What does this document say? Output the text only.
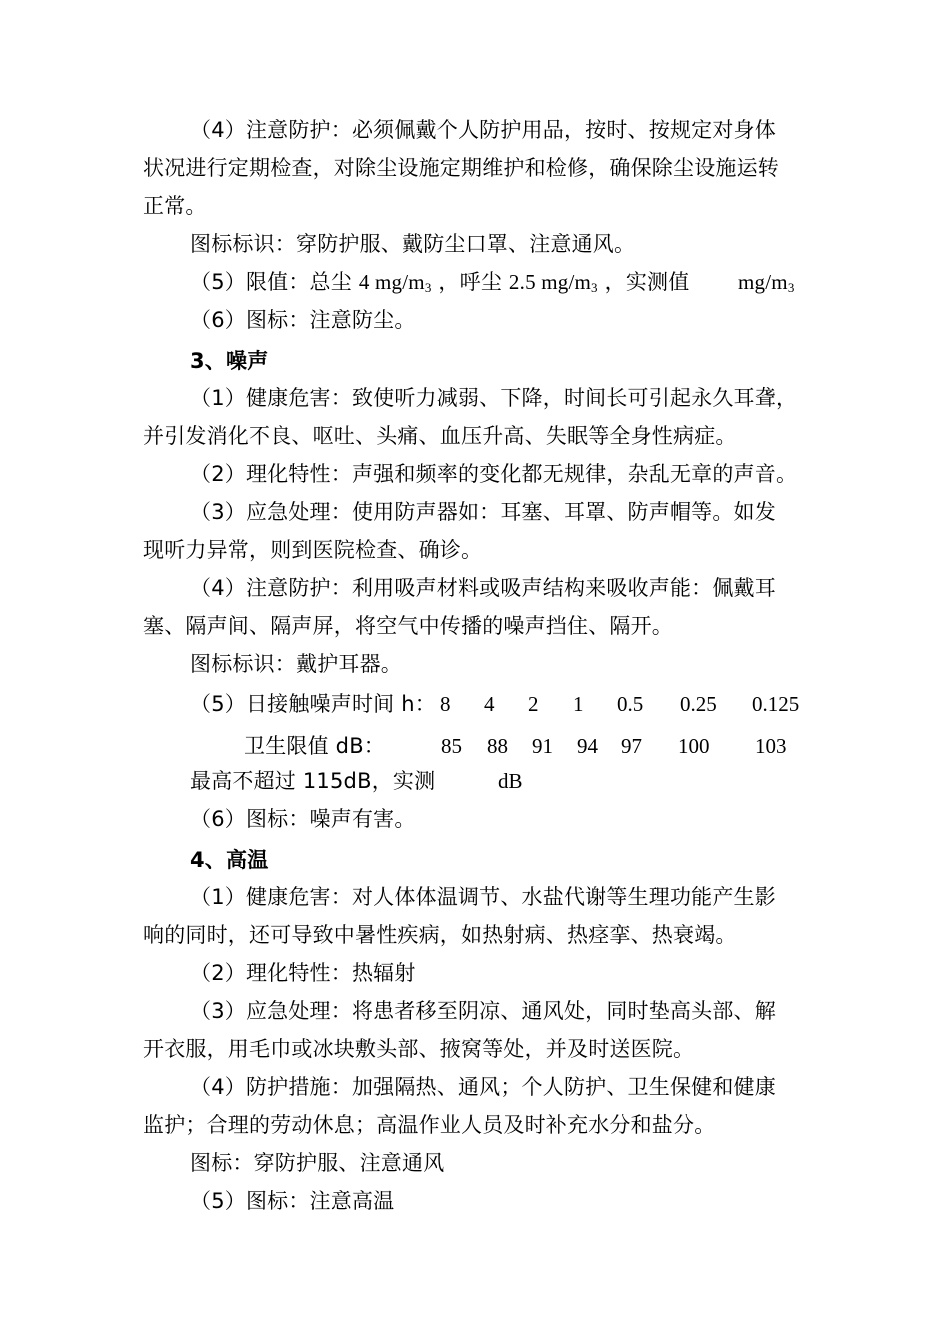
（4）注意防护：必须佩戴个人防护用品，按时、按规定对身体
状况进行定期检查，对除尘设施定期维护和检修，确保除尘设施运转
正常。
图标标识：穿防护服、戴防尘口罩、注意通风。
（5）限值：总尘 4 $mg/m_3$ ，呼尘 2.5 $mg/m_3$ ，实测值 $mg/m_3$
（6）图标：注意防尘。
3、噪声
（1）健康危害：致使听力减弱、下降，时间长可引起永久耳聋，
并引发消化不良、呕吐、头痛、血压升高、失眠等全身性病症。
（2）理化特性：声强和频率的变化都无规律，杂乱无章的声音。
（3）应急处理：使用防声器如：耳塞、耳罩、防声帽等。如发
现听力异常，则到医院检查、确诊。
（4）注意防护：利用吸声材料或吸声结构来吸收声能：佩戴耳
塞、隔声间、隔声屏，将空气中传播的噪声挡住、隔开。
图标标识：戴护耳器。
（5）日接触噪声时间 h： 8 4 2 1 0.5 0.25 0.125
卫生限值 dB：	85 88 91 94 97 100 103
最高不超过 115dB，实测	dB
（6）图标：噪声有害。
4、高温
（1）健康危害：对人体体温调节、水盐代谢等生理功能产生影
响的同时，还可导致中暑性疾病，如热射病、热痉挛、热衰竭。
（2）理化特性：热辐射
（3）应急处理：将患者移至阴凉、通风处，同时垫高头部、解
开衣服，用毛巾或冰块敷头部、掖窝等处，并及时送医院。
（4）防护措施：加强隔热、通风；个人防护、卫生保健和健康
监护；合理的劳动休息；高温作业人员及时补充水分和盐分。
图标：穿防护服、注意通风
（5）图标：注意高温
